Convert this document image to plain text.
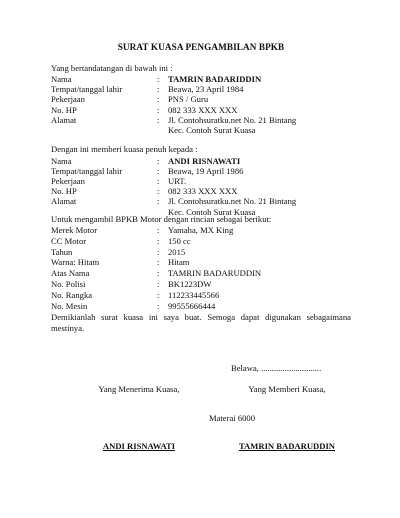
SURAT KUASA PENGAMBILAN BPKB
Yang bertandatangan di bawah ini :
Nama	: TAMRIN BADARIDDIN
Tempat/tanggal lahir	: Beawa, 23 April 1984
Pekerjaan	: PNS / Guru
No. HP	: 082 333 XXX XXX
Alamat	: Jl. Contohsuratku.net No. 21 Bintang
Kec. Contoh Surat Kuasa
Dengan ini memberi kuasa penuh kepada :
Nama	: ANDI RISNAWATI
Tempat/tanggal lahir	: Beawa, 19 April 1986
Pekerjaan	: URT.
No. HP	: 082 333 XXX XXX
Alamat	: Jl. Contohsuratku.net No. 21 Bintang
Kec. Contoh Surat Kuasa
Untuk mengambil BPKB Motor dengan rincian sebagai berikut:
Merek Motor	: Yamaha, MX King
CC Motor	: 150 cc
Tahun	: 2015
Warna: Hitam	: Hitam
Atas Nama	: TAMRIN BADARUDDIN
No. Polisi	: BK1223DW
No. Rangka	: 112233445566
No. Mesin	: 99555666444
Demikianlah surat kuasa ini saya buat. Semoga dapat digunakan sebagaimana mestinya.
Belawa, ............................
Yang Menerima Kuasa,	Yang Memberi Kuasa,
Materai 6000
ANDI RISNAWATI	TAMRIN BADARUDDIN
